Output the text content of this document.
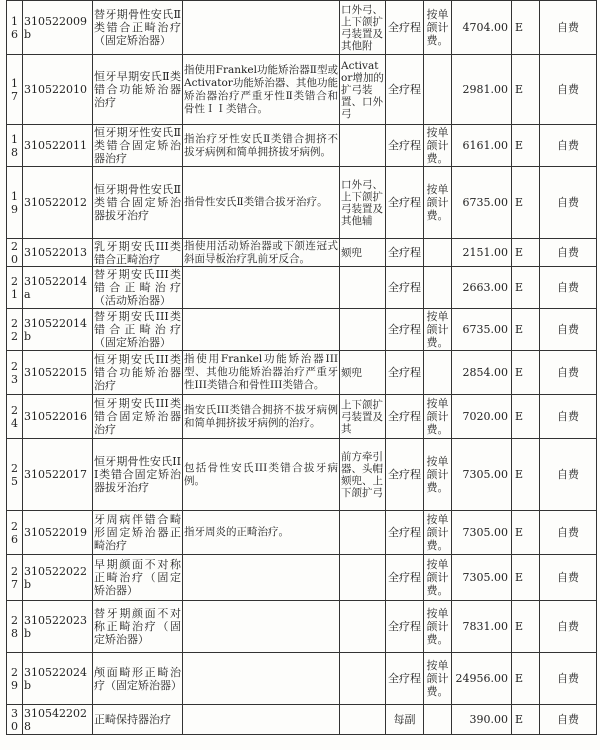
16	310522009b	替牙期骨性安氏Ⅱ类错合正畸治疗（固定矫治器）		口外弓、上下颌扩弓装置及其他附	全疗程	按单颌计费。	4704.00	E	自费
17	310522010	恒牙早期安氏Ⅱ类错合功能矫治器治疗	指使用Frankel功能矫治器Ⅱ型或Activator功能矫治器、其他功能矫治器治疗严重牙性Ⅱ类错合和骨性ＩＩ类错合。	Activator增加的扩弓装置、口外弓	全疗程		2981.00	E	自费
18	310522011	恒牙期牙性安氏Ⅱ类错合固定矫治器治疗	指治疗牙性安氏Ⅱ类错合拥挤不拔牙病例和简单拥挤拔牙病例。		全疗程	按单颌计费。	6161.00	E	自费
19	310522012	恒牙期骨性安氏Ⅱ类错合固定矫治器拔牙治疗	指骨性安氏Ⅱ类错合拔牙治疗。	口外弓、上下颌扩弓装置及其他辅	全疗程	按单颌计费。	6735.00	E	自费
20	310522013	乳牙期安氏III类错合正畸治疗	指使用活动矫治器或下颌连冠式斜面导板治疗乳前牙反合。	颏兜	全疗程		2151.00	E	自费
21	310522014a	替牙期安氏III类错合正畸治疗（活动矫治器）			全疗程		2663.00	E	自费
22	310522014b	替牙期安氏III类错合正畸治疗（固定矫治器）			全疗程	按单颌计费。	6735.00	E	自费
23	310522015	恒牙期安氏III类错合功能矫治器治疗	指使用Frankel功能矫治器III型、其他功能矫治器治疗严重牙性III类错合和骨性III类错合。	颏兜	全疗程		2854.00	E	自费
24	310522016	恒牙期安氏III类错合固定矫治器治疗	指安氏III类错合拥挤不拔牙病例和简单拥挤拔牙病例的治疗。	上下颌扩弓装置及其	全疗程	按单颌计费。	7020.00	E	自费
25	310522017	恒牙期骨性安氏III类错合固定矫治器拔牙治疗	包括骨性安氏III类错合拔牙病例。	前方牵引器、头帽颏兜、上下颌扩弓	全疗程	按单颌计费。	7305.00	E	自费
26	310522019	牙周病伴错合畸形固定矫治器正畸治疗	指牙周炎的正畸治疗。		全疗程	按单颌计费。	7305.00	E	自费
27	310522022b	早期颜面不对称正畸治疗（固定矫治器）			全疗程	按单颌计费。	7305.00	E	自费
28	310522023b	替牙期颜面不对称正畸治疗（固定矫治器）			全疗程	按单颌计费。	7831.00	E	自费
29	310522024b	颅面畸形正畸治疗（固定矫治器）			全疗程	按单颌计费。	24956.00	E	自费
30	3105422028	正畸保持器治疗			每副		390.00	E	自费
